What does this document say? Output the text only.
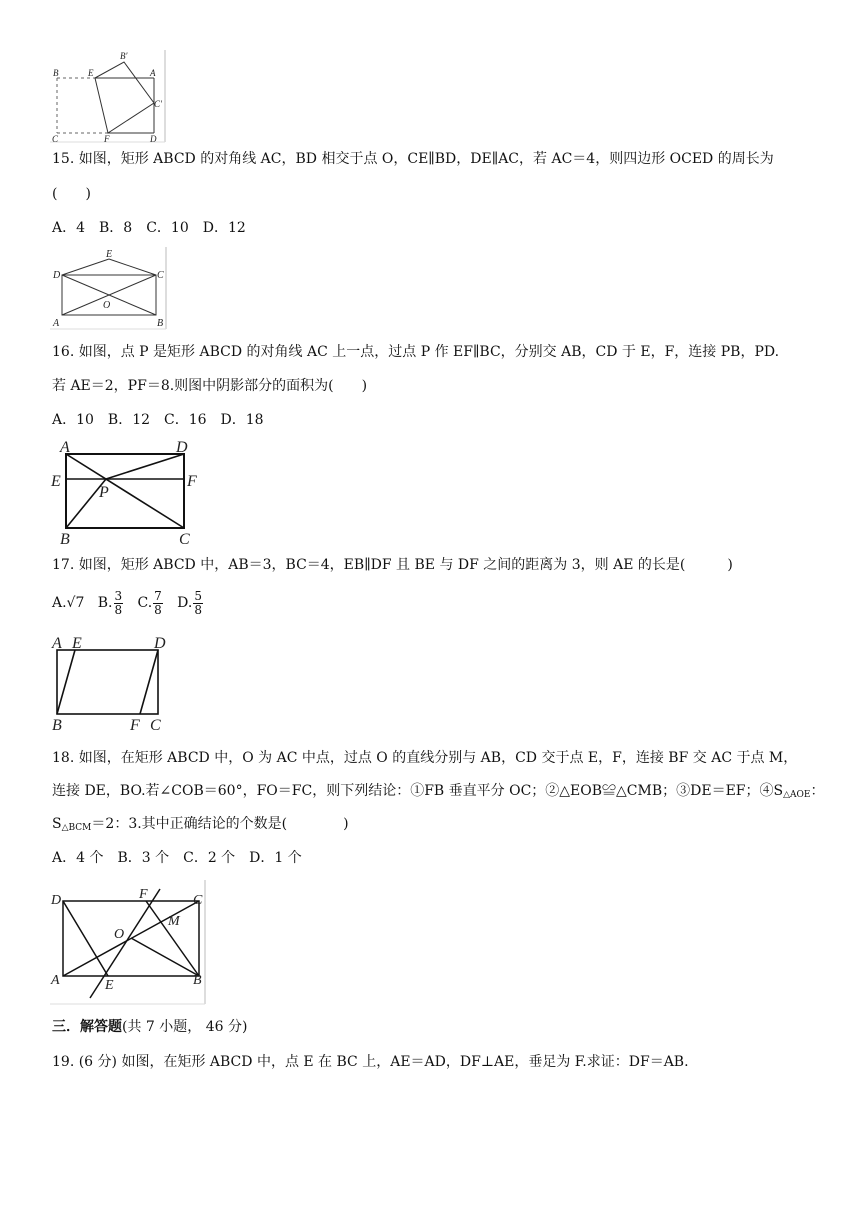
B	E
B′
A
C′
C	F	D
15. 如图，矩形 ABCD 的对角线 AC，BD 相交于点 O，CE∥BD，DE∥AC，若 AC＝4，则四边形 OCED 的周长为
(　　)
A．4　B．8　C．10　D．12
E
D	C
O
A	B
16. 如图，点 P 是矩形 ABCD 的对角线 AC 上一点，过点 P 作 EF∥BC，分别交 AB，CD 于 E，F，连接 PB，PD.
若 AE＝2，PF＝8.则图中阴影部分的面积为(　　)
A．10　B．12　C．16　D．18
A	D
E	F
P
B	C
17. 如图，矩形 ABCD 中，AB＝3，BC＝4，EB∥DF 且 BE 与 DF 之间的距离为 3，则 AE 的长是(　　　)
A.√7 B. $\frac{3}{8} C$. $\frac{7}{8} D$. $\frac{5}{8}$
A E	D
B	F C
18. 如图，在矩形 ABCD 中，O 为 AC 中点，过点 O 的直线分别与 AB，CD 交于点 E，F，连接 BF 交 AC 于点 M，
连接 DE，BO.若∠COB＝60°，FO＝FC，则下列结论：①FB 垂直平分 OC；②△EOB≌△CMB；③DE＝EF；$④S_{\triangle AOE}$：
$S_{\triangle BCM}=2$：3.其中正确结论的个数是(　　　　)
A．4 个　B．3 个　C．2 个　D．1 个
D	F	C
M
O
A	E	B
三．解答题(共 7 小题， 46 分)
19. (6 分) 如图，在矩形 ABCD 中，点 E 在 BC 上，AE＝AD，DF⊥AE，垂足为 F.求证：DF＝AB.
